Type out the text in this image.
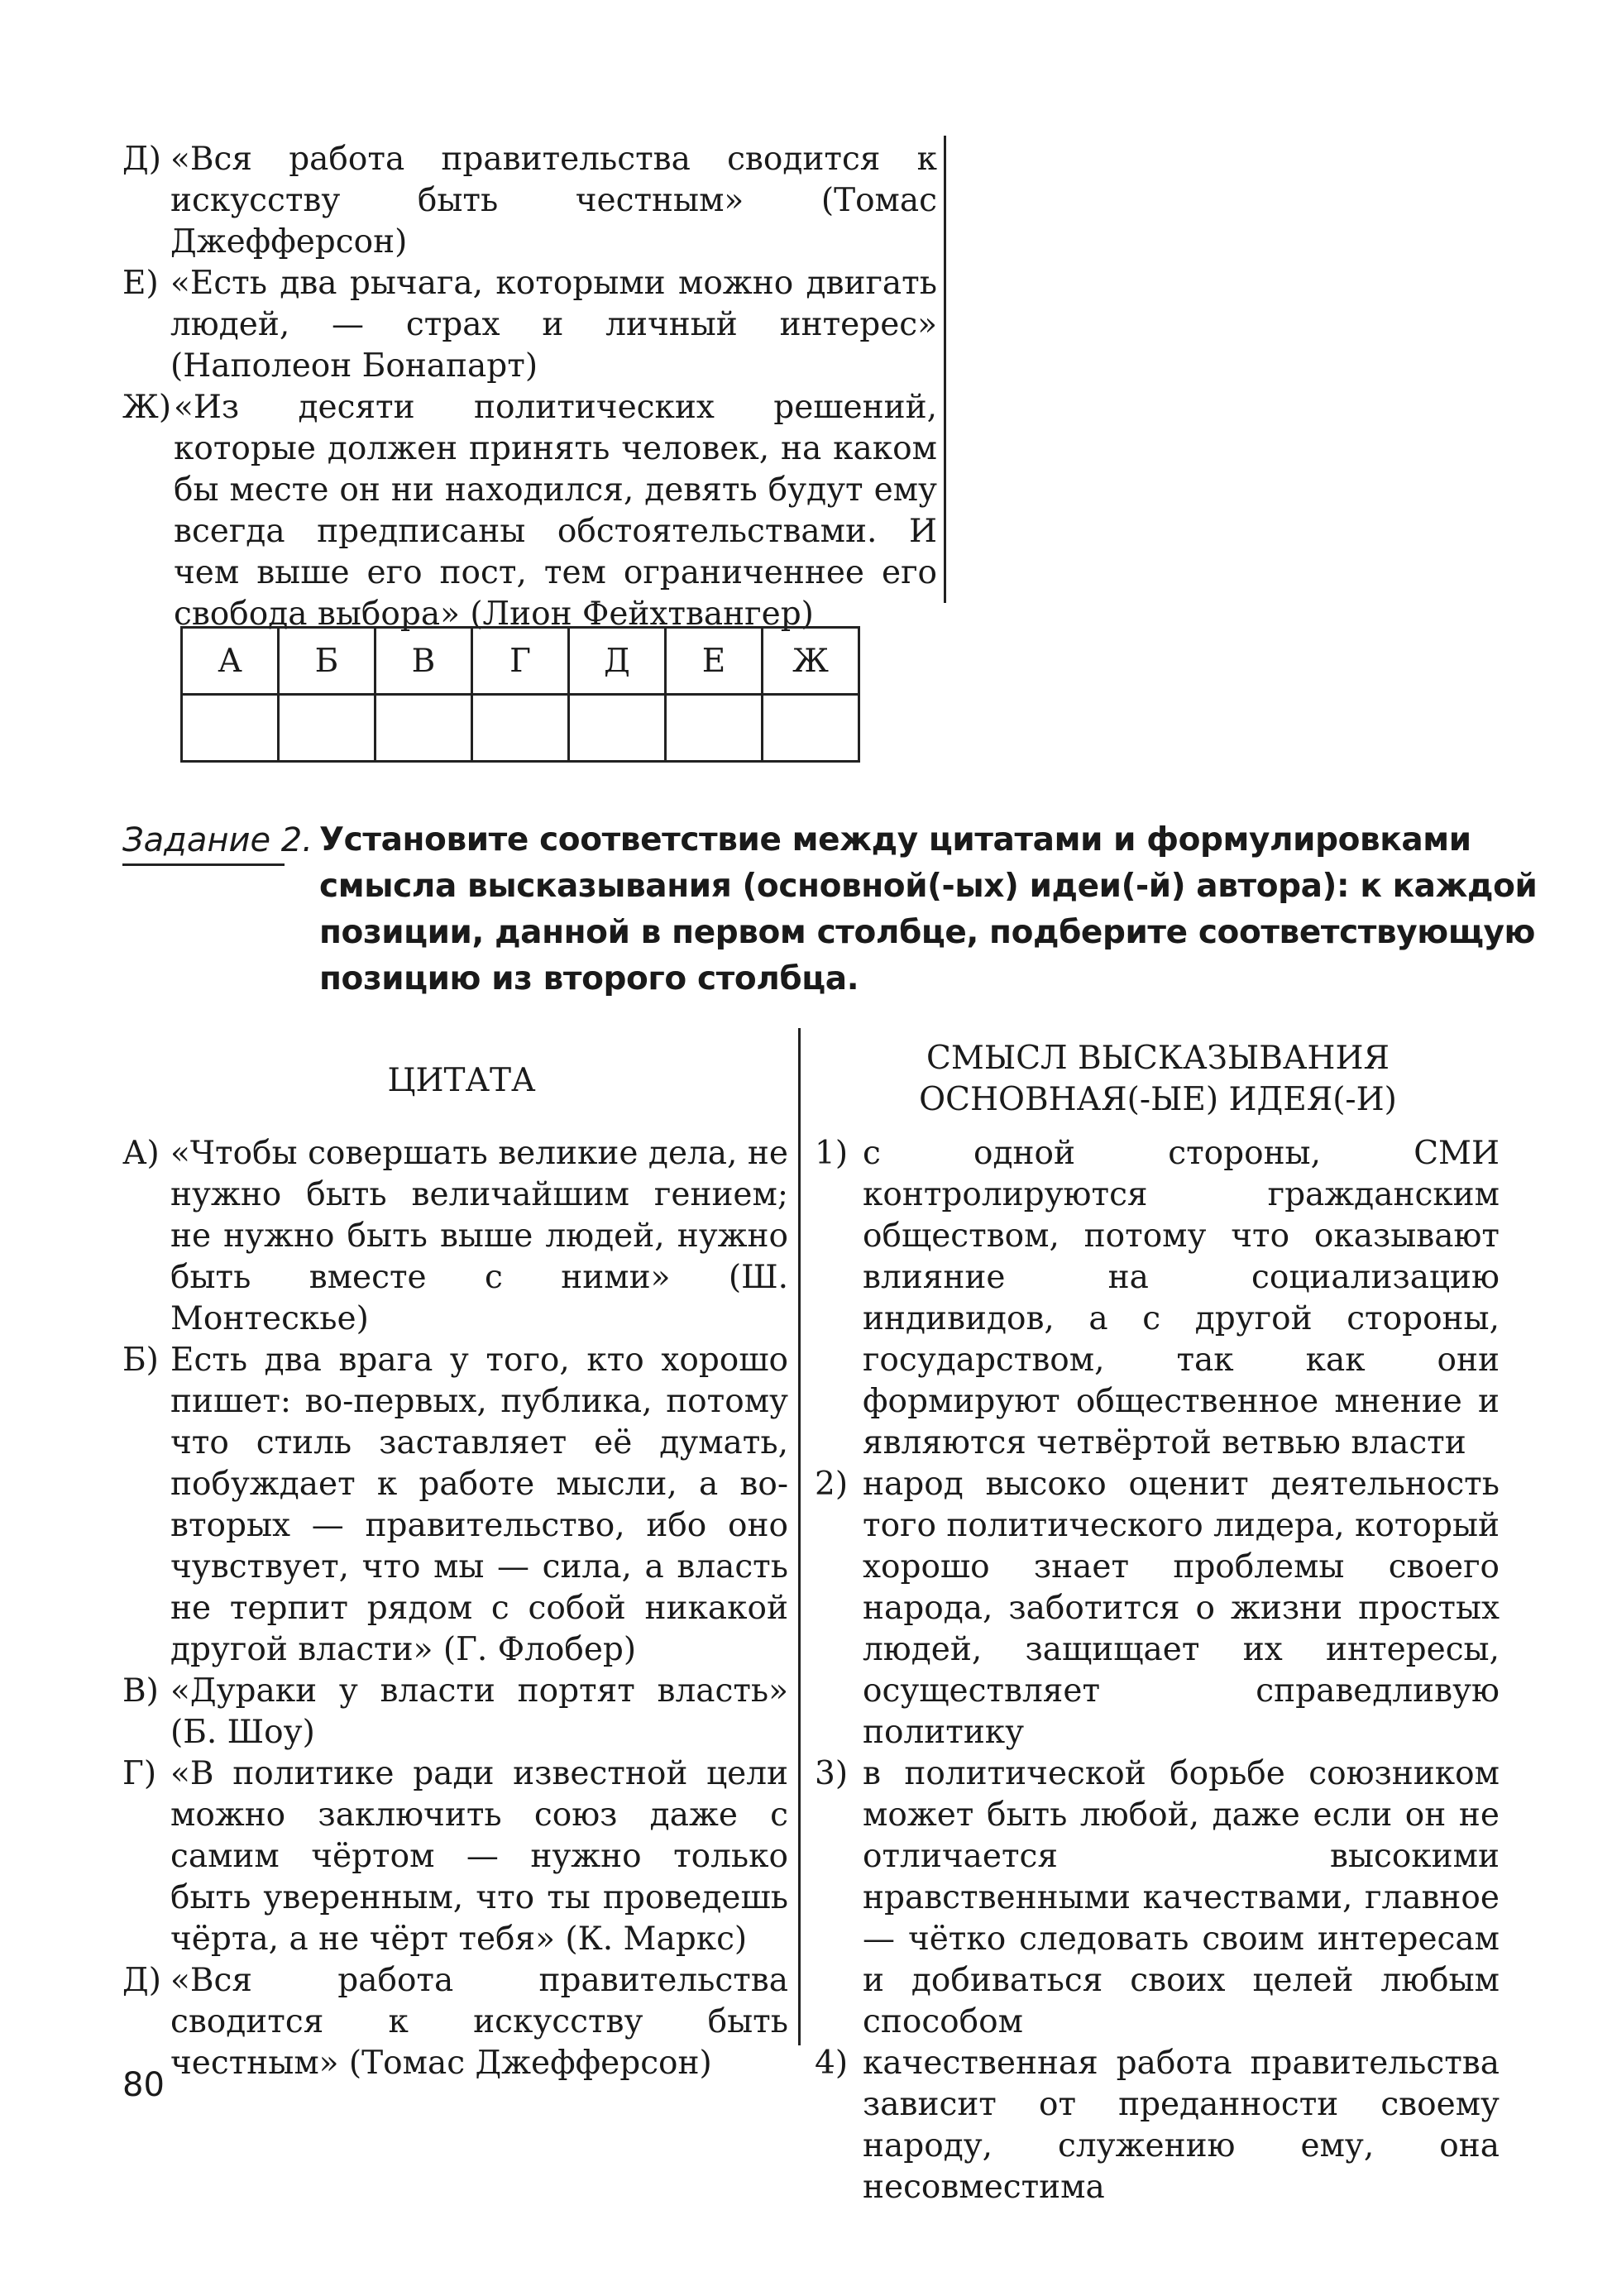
Д) «Вся работа правительства сводится к искусству быть честным» (Томас Джефферсон)
Е) «Есть два рычага, которыми можно двигать людей, — страх и личный интерес» (Наполеон Бонапарт)
Ж) «Из десяти политических решений, которые должен принять человек, на каком бы месте он ни находился, девять будут ему всегда предписаны обстоятельствами. И чем выше его пост, тем ограниченнее его свобода выбора» (Лион Фейхтвангер)
А	Б	В	Г	Д	Е	Ж

Задание 2. Установите соответствие между цитатами и формулировками смысла высказывания (основной(-ых) идеи(-й) автора): к каждой позиции, данной в первом столбце, подберите соответствующую позицию из второго столбца.
ЦИТАТА
СМЫСЛ ВЫСКАЗЫВАНИЯ
ОСНОВНАЯ(-ЫЕ) ИДЕЯ(-И)
А) «Чтобы совершать великие дела, не нужно быть величайшим гением; не нужно быть выше людей, нужно быть вместе с ними» (Ш. Монтескье)
Б) Есть два врага у того, кто хорошо пишет: во-первых, публика, потому что стиль заставляет её думать, побуждает к работе мысли, а во-вторых — правительство, ибо оно чувствует, что мы — сила, а власть не терпит рядом с собой никакой другой власти» (Г. Флобер)
В) «Дураки у власти портят власть» (Б. Шоу)
Г) «В политике ради известной цели можно заключить союз даже с самим чёртом — нужно только быть уверенным, что ты проведешь чёрта, а не чёрт тебя» (К. Маркс)
Д) «Вся работа правительства сводится к искусству быть честным» (Томас Джефферсон)
1) с одной стороны, СМИ контролируются гражданским обществом, потому что оказывают влияние на социализацию индивидов, а с другой стороны, государством, так как они формируют общественное мнение и являются четвёртой ветвью власти
2) народ высоко оценит деятельность того политического лидера, который хорошо знает проблемы своего народа, заботится о жизни простых людей, защищает их интересы, осуществляет справедливую политику
3) в политической борьбе союзником может быть любой, даже если он не отличается высокими нравственными качествами, главное — чётко следовать своим интересам и добиваться своих целей любым способом
4) качественная работа правительства зависит от преданности своему народу, служению ему, она несовместима
80
